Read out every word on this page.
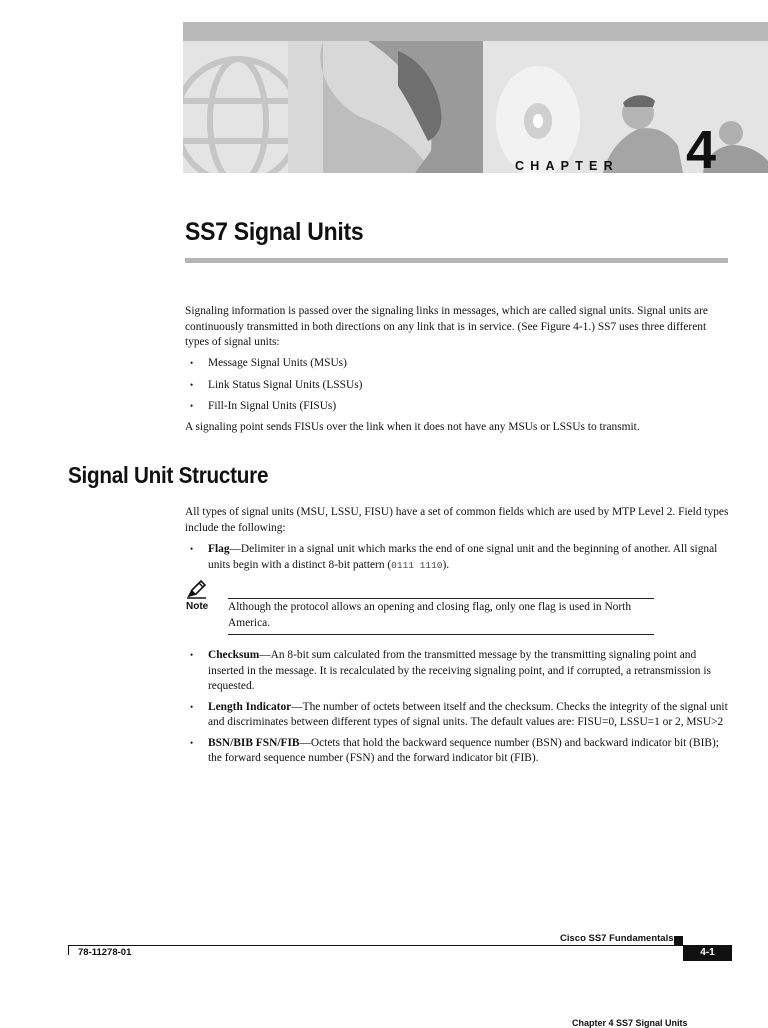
CHAPTER 4
SS7 Signal Units

Signaling information is passed over the signaling links in messages, which are called signal units. Signal units are continuously transmitted in both directions on any link that is in service. (See Figure 4-1.) SS7 uses three different types of signal units:

• Message Signal Units (MSUs)
• Link Status Signal Units (LSSUs)
• Fill-In Signal Units (FISUs)

A signaling point sends FISUs over the link when it does not have any MSUs or LSSUs to transmit.

Signal Unit Structure

All types of signal units (MSU, LSSU, FISU) have a set of common fields which are used by MTP Level 2. Field types include the following:

• Flag—Delimiter in a signal unit which marks the end of one signal unit and the beginning of another. All signal units begin with a distinct 8-bit pattern (0111 1110).
Note Although the protocol allows an opening and closing flag, only one flag is used in North America.

• Checksum—An 8-bit sum calculated from the transmitted message by the transmitting signaling point and inserted in the message. It is recalculated by the receiving signaling point, and if corrupted, a retransmission is requested.
• Length Indicator—The number of octets between itself and the checksum. Checks the integrity of the signal unit and discriminates between different types of signal units. The default values are: FISU=0, LSSU=1 or 2, MSU>2
• BSN/BIB FSN/FIB—Octets that hold the backward sequence number (BSN) and backward indicator bit (BIB); the forward sequence number (FSN) and the forward indicator bit (FIB).
Cisco SS7 Fundamentals
78-11278-01	4-1
Chapter 4 SS7 Signal Units
